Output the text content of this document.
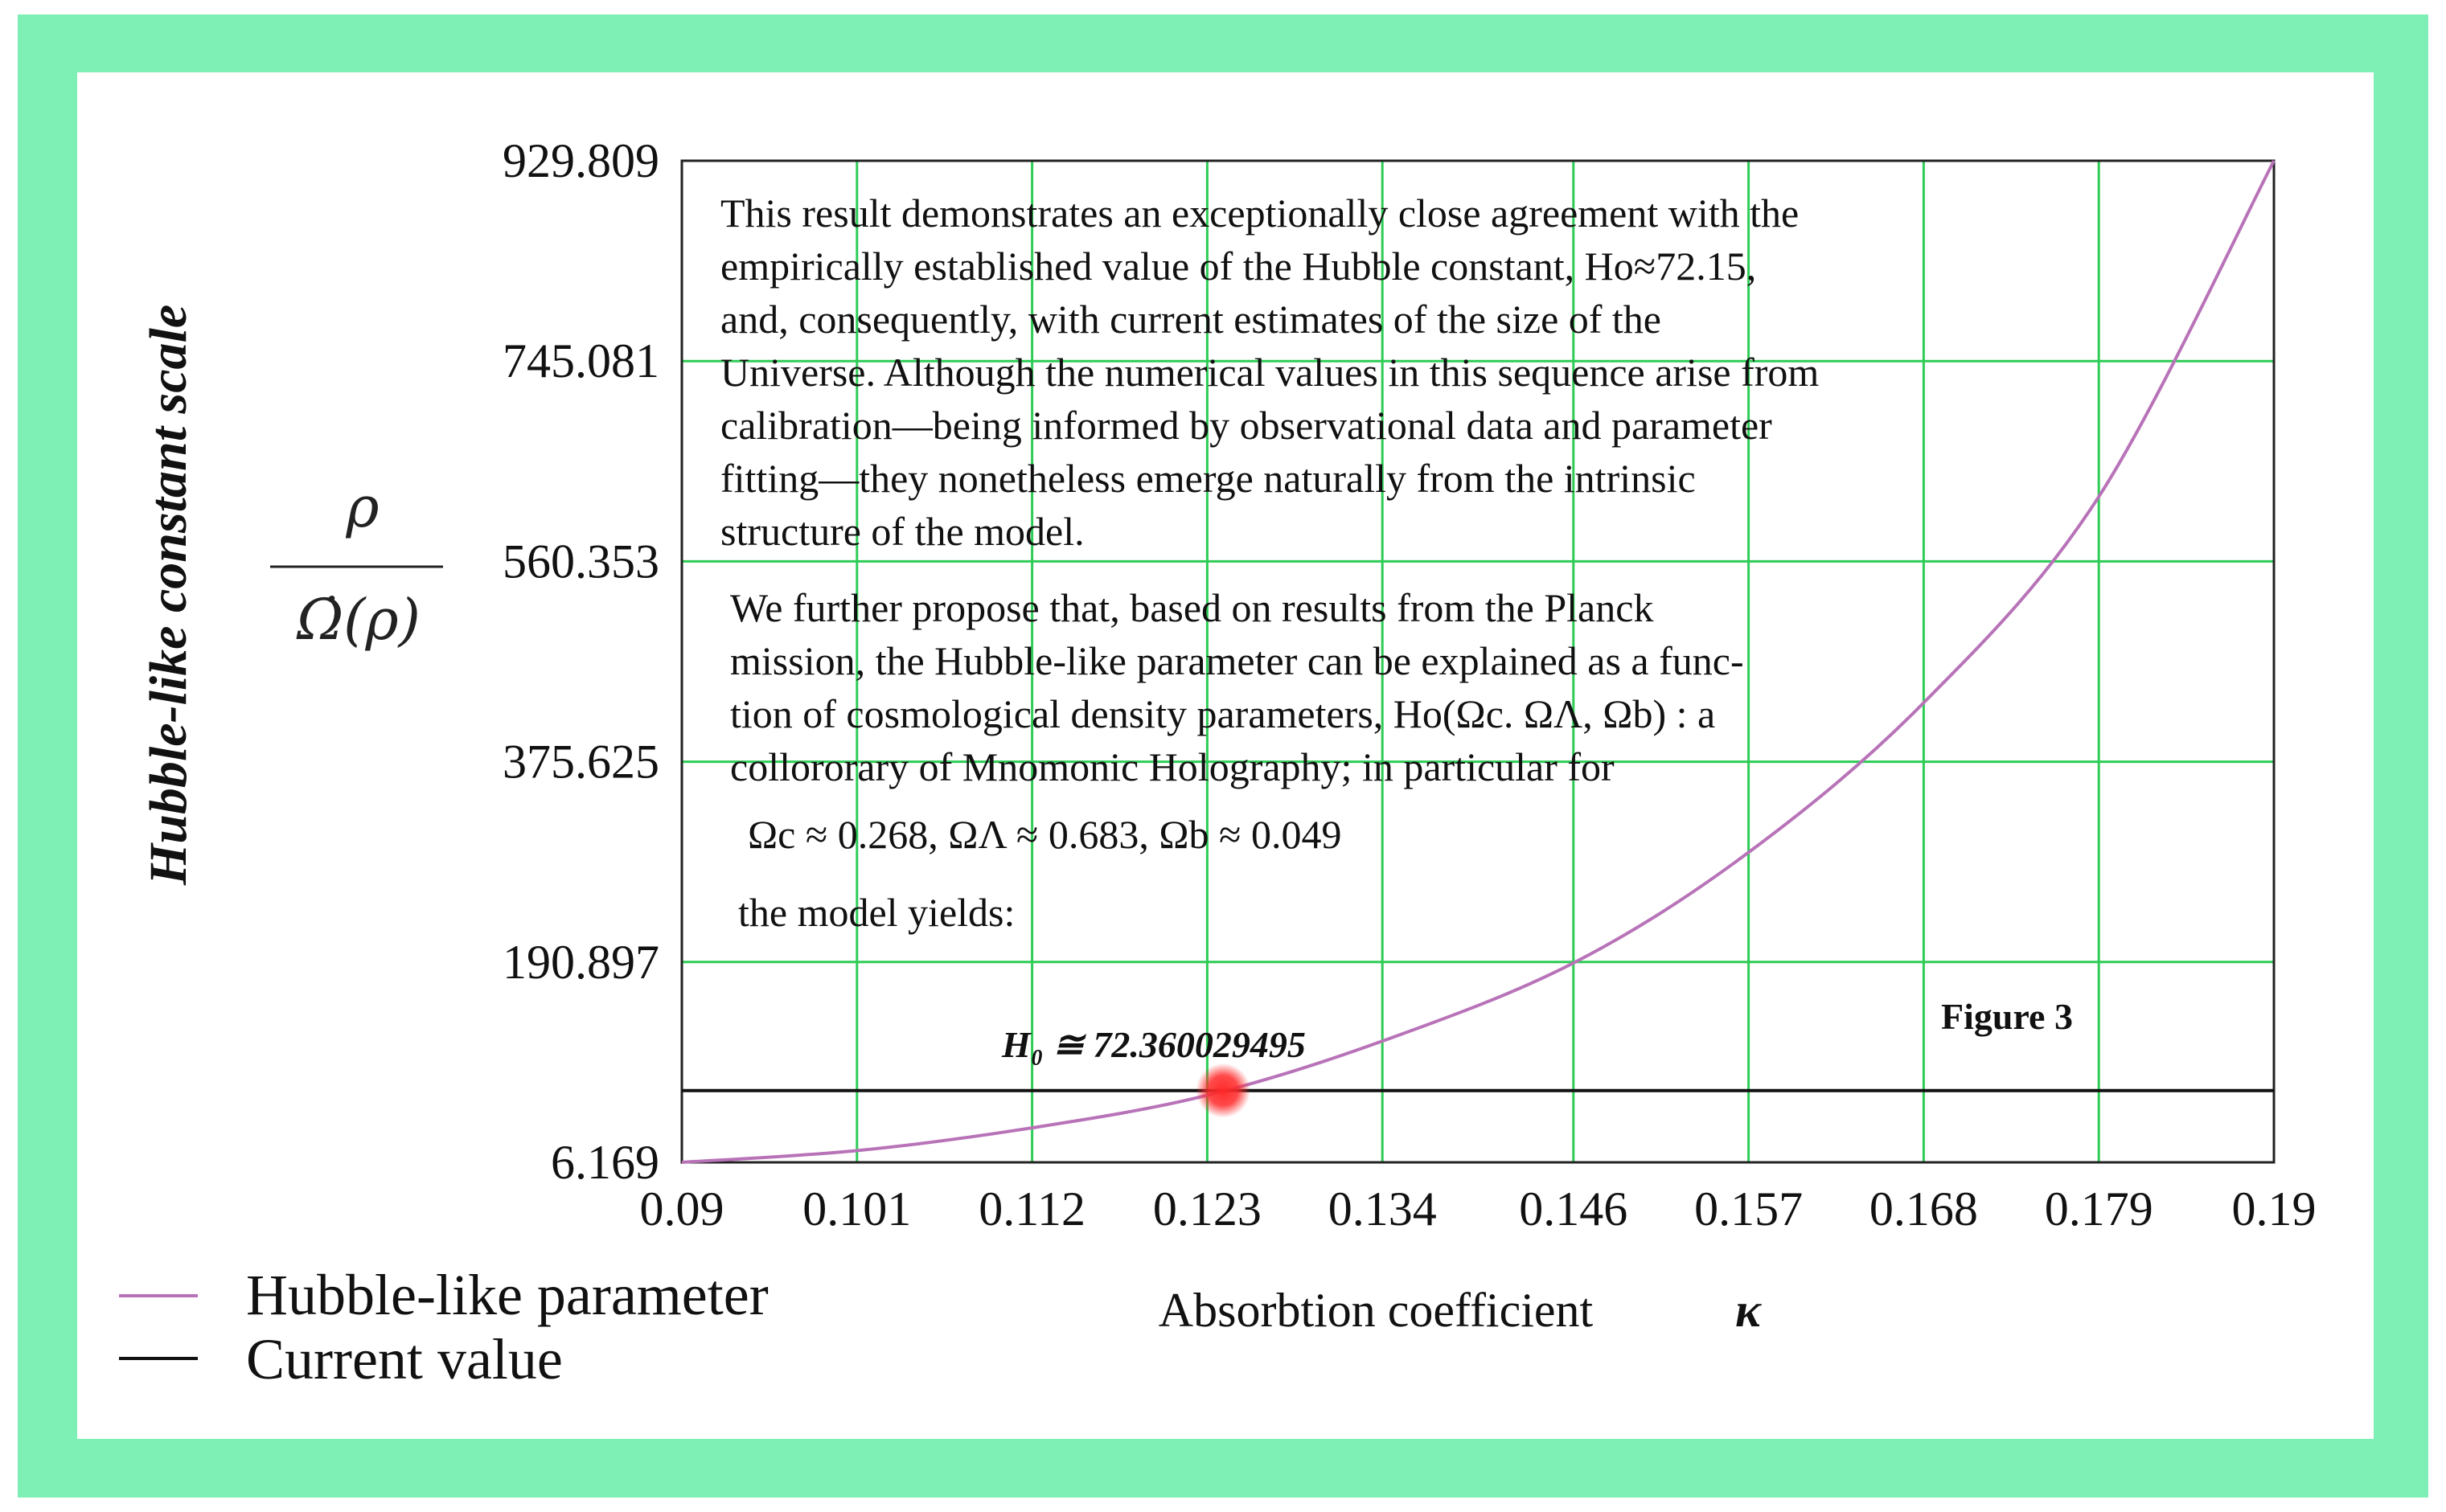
6.169
190.897
375.625
560.353
745.081
929.809
0.09 0.101 0.112 0.123 0.134 0.146 0.157 0.168 0.179 0.19
Hubble-like constant scale	ρ
Ω̇(ρ)
This result demonstrates an exceptionally close agreement with the
empirically established value of the Hubble constant, Ho≈72.15,
and, consequently, with current estimates of the size of the
Universe. Although the numerical values in this sequence arise from
calibration—being informed by observational data and parameter
fitting—they nonetheless emerge naturally from the intrinsic
structure of the model.
We further propose that, based on results from the Planck
mission, the Hubble-like parameter can be explained as a func-
tion of cosmological density parameters, Ho(Ωc. ΩΛ, Ωb) : a
collororary of Mnomonic Holography; in particular for
Ωc ≈ 0.268, ΩΛ ≈ 0.683, Ωb ≈ 0.049
the model yields:
H₀ ≅ 72.360029495
Figure 3
Absorbtion coefficient	κ
Hubble-like parameter
Current value
